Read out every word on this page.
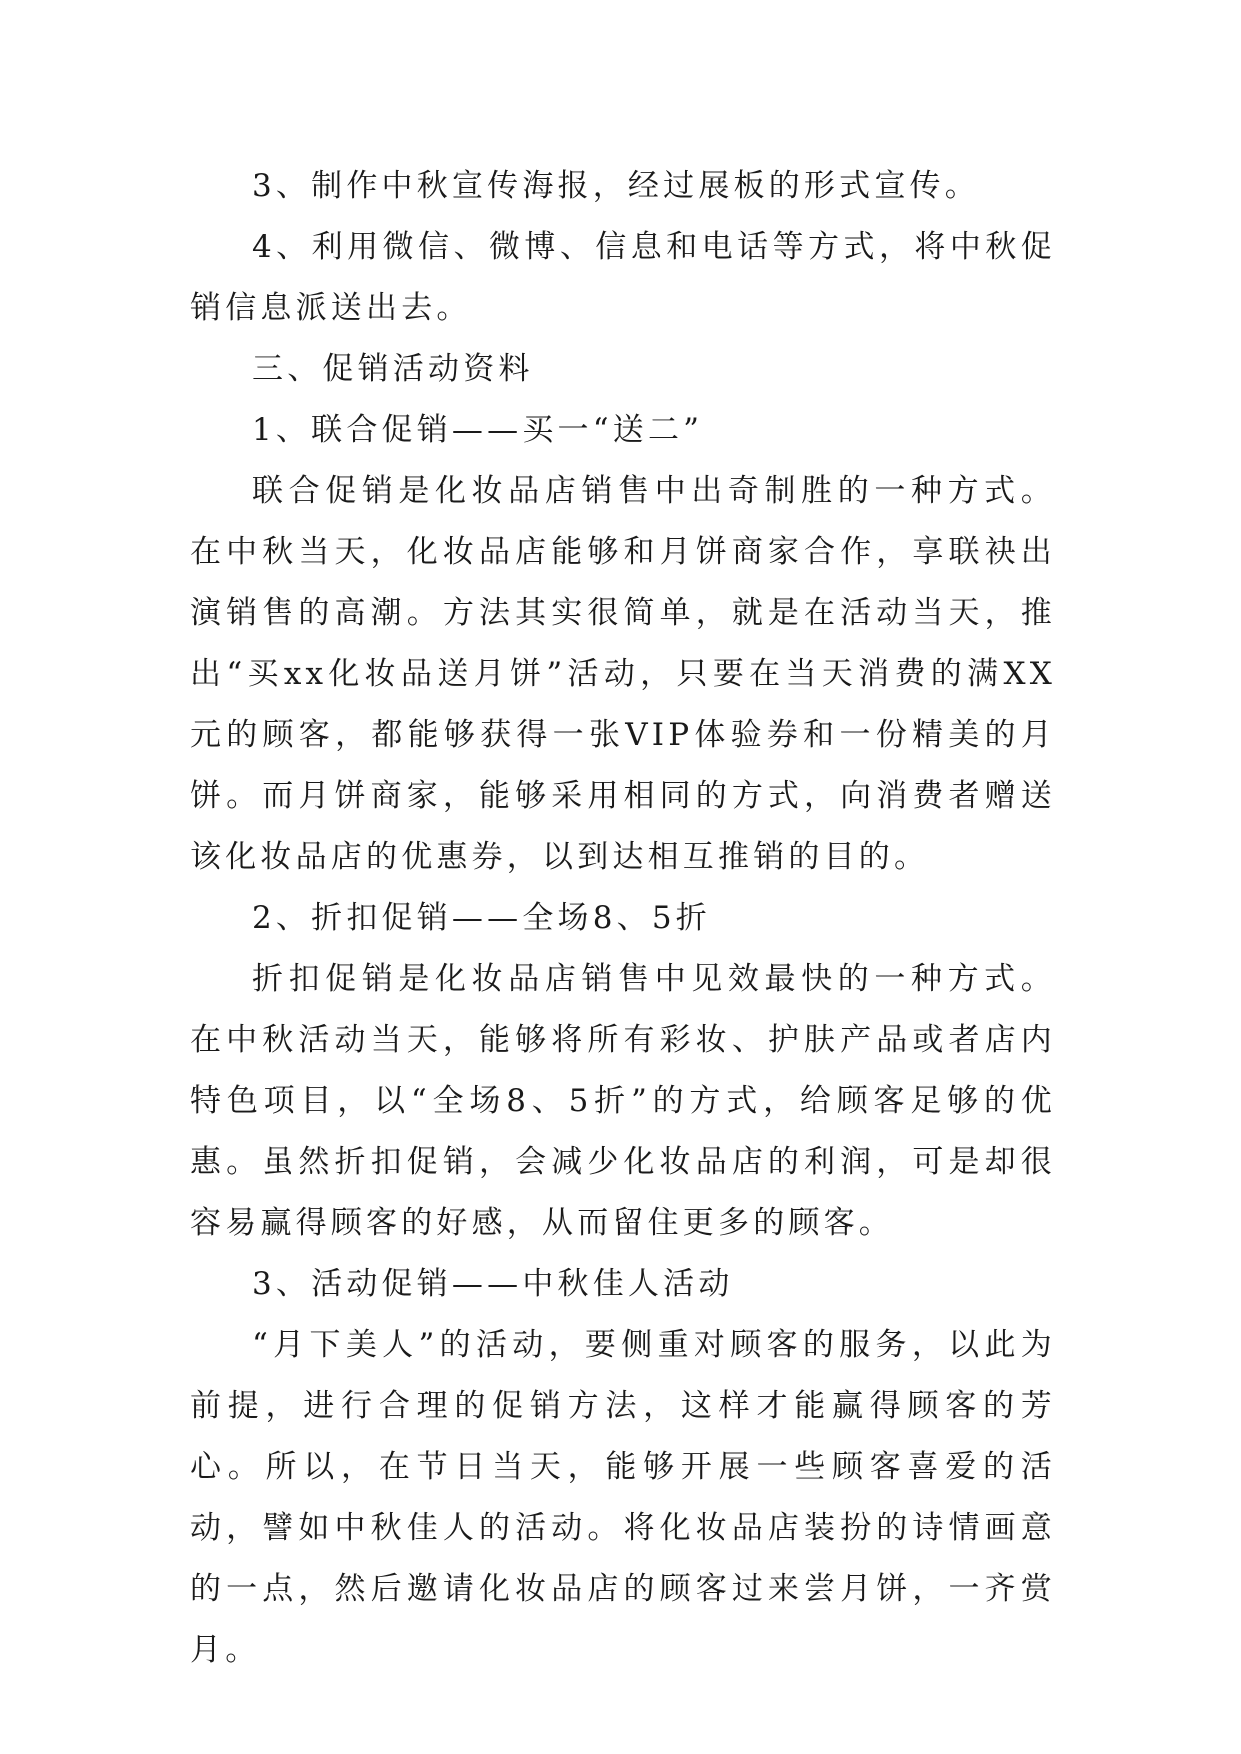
3、制作中秋宣传海报，经过展板的形式宣传。

4、利用微信、微博、信息和电话等方式，将中秋促销信息派送出去。

三、促销活动资料

1、联合促销——买一“送二”

联合促销是化妆品店销售中出奇制胜的一种方式。在中秋当天，化妆品店能够和月饼商家合作，享联袂出演销售的高潮。方法其实很简单，就是在活动当天，推出“买xx化妆品送月饼”活动，只要在当天消费的满XX元的顾客，都能够获得一张VIP体验券和一份精美的月饼。而月饼商家，能够采用相同的方式，向消费者赠送该化妆品店的优惠券，以到达相互推销的目的。

2、折扣促销——全场8、5折

折扣促销是化妆品店销售中见效最快的一种方式。在中秋活动当天，能够将所有彩妆、护肤产品或者店内特色项目，以“全场8、5折”的方式，给顾客足够的优惠。虽然折扣促销，会减少化妆品店的利润，可是却很容易赢得顾客的好感，从而留住更多的顾客。

3、活动促销——中秋佳人活动

“月下美人”的活动，要侧重对顾客的服务，以此为前提，进行合理的促销方法，这样才能赢得顾客的芳心。所以，在节日当天，能够开展一些顾客喜爱的活动，譬如中秋佳人的活动。将化妆品店装扮的诗情画意的一点，然后邀请化妆品店的顾客过来尝月饼，一齐赏月。
